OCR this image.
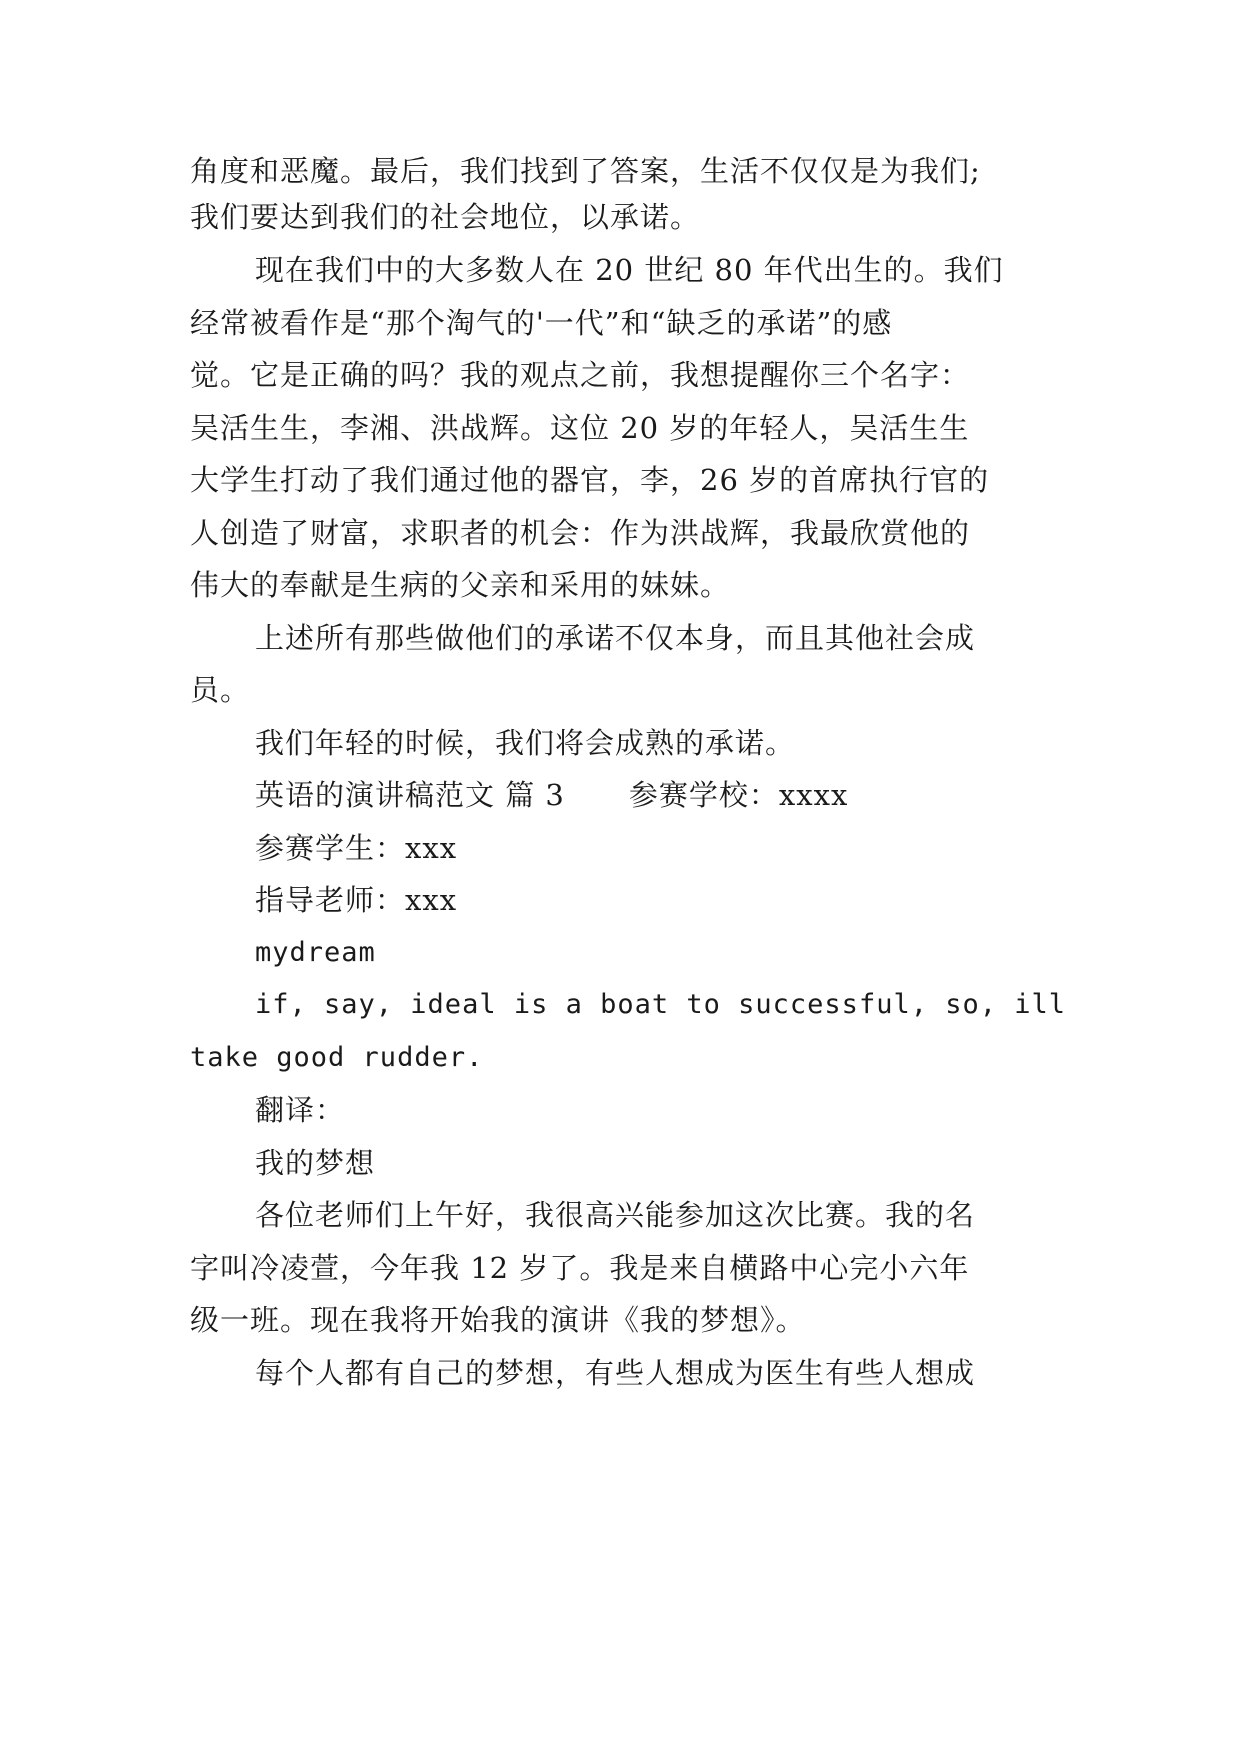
角度和恶魔。最后，我们找到了答案，生活不仅仅是为我们;
我们要达到我们的社会地位，以承诺。
现在我们中的大多数人在 20 世纪 80 年代出生的。我们
经常被看作是“那个淘气的'一代”和“缺乏的承诺”的感
觉。它是正确的吗？我的观点之前，我想提醒你三个名字：
吴活生生，李湘、洪战辉。这位 20 岁的年轻人，吴活生生
大学生打动了我们通过他的器官，李，26 岁的首席执行官的
人创造了财富，求职者的机会：作为洪战辉，我最欣赏他的
伟大的奉献是生病的父亲和采用的妹妹。
上述所有那些做他们的承诺不仅本身，而且其他社会成
员。
我们年轻的时候，我们将会成熟的承诺。
英语的演讲稿范文 篇 3 参赛学校：xxxx
参赛学生：xxx
指导老师：xxx
mydream
if, say, ideal is a boat to successful, so, ill
take good rudder.
翻译：
我的梦想
各位老师们上午好，我很高兴能参加这次比赛。我的名
字叫冷凌萱，今年我 12 岁了。我是来自横路中心完小六年
级一班。现在我将开始我的演讲《我的梦想》。
每个人都有自己的梦想，有些人想成为医生有些人想成
